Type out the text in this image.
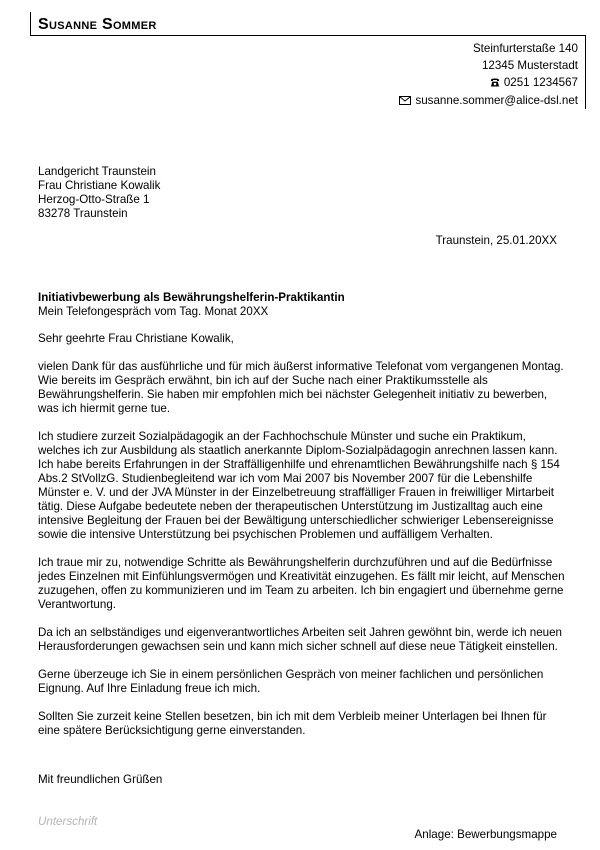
Susanne Sommer
Steinfurterstaße 140
12345 Musterstadt
0251 1234567
susanne.sommer@alice-dsl.net
Landgericht Traunstein
Frau Christiane Kowalik
Herzog-Otto-Straße 1
83278 Traunstein
Traunstein, 25.01.20XX
Initiativbewerbung als Bewährungshelferin-Praktikantin
Mein Telefongespräch vom Tag. Monat 20XX

Sehr geehrte Frau Christiane Kowalik,

vielen Dank für das ausführliche und für mich äußerst informative Telefonat vom vergangenen Montag. Wie bereits im Gespräch erwähnt, bin ich auf der Suche nach einer Praktikumsstelle als Bewährungshelferin. Sie haben mir empfohlen mich bei nächster Gelegenheit initiativ zu bewerben, was ich hiermit gerne tue.

Ich studiere zurzeit Sozialpädagogik an der Fachhochschule Münster und suche ein Praktikum, welches ich zur Ausbildung als staatlich anerkannte Diplom-Sozialpädagogin anrechnen lassen kann. Ich habe bereits Erfahrungen in der Straffälligenhilfe und ehrenamtlichen Bewährungshilfe nach § 154 Abs.2 StVollzG. Studienbegleitend war ich vom Mai 2007 bis November 2007 für die Lebenshilfe Münster e. V. und der JVA Münster in der Einzelbetreuung straffälliger Frauen in freiwilliger Mirtarbeit tätig. Diese Aufgabe bedeutete neben der therapeutischen Unterstützung im Justizalltag auch eine intensive Begleitung der Frauen bei der Bewältigung unterschiedlicher schwieriger Lebensereignisse sowie die intensive Unterstützung bei psychischen Problemen und auffälligem Verhalten.

Ich traue mir zu, notwendige Schritte als Bewährungshelferin durchzuführen und auf die Bedürfnisse jedes Einzelnen mit Einfühlungsvermögen und Kreativität einzugehen. Es fällt mir leicht, auf Menschen zuzugehen, offen zu kommunizieren und im Team zu arbeiten. Ich bin engagiert und übernehme gerne Verantwortung.

Da ich an selbständiges und eigenverantwortliches Arbeiten seit Jahren gewöhnt bin, werde ich neuen Herausforderungen gewachsen sein und kann mich sicher schnell auf diese neue Tätigkeit einstellen.

Gerne überzeuge ich Sie in einem persönlichen Gespräch von meiner fachlichen und persönlichen Eignung. Auf Ihre Einladung freue ich mich.

Sollten Sie zurzeit keine Stellen besetzen, bin ich mit dem Verbleib meiner Unterlagen bei Ihnen für eine spätere Berücksichtigung gerne einverstanden.

Mit freundlichen Grüßen
Unterschrift
Anlage: Bewerbungsmappe
